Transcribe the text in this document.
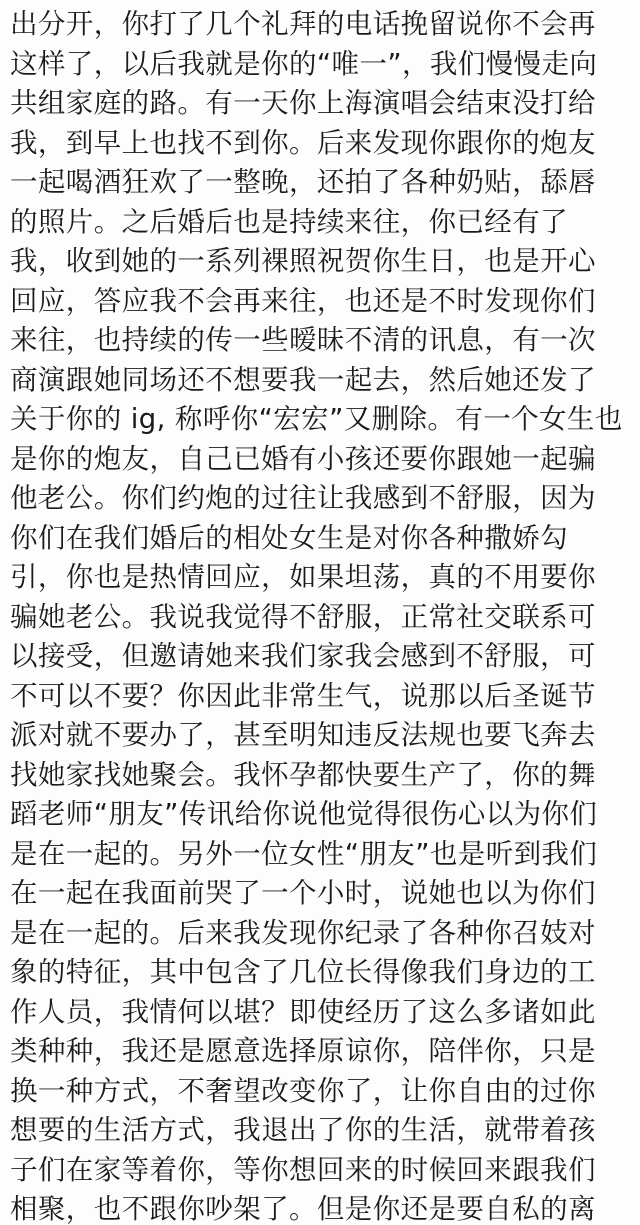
出分开，你打了几个礼拜的电话挽留说你不会再
这样了，以后我就是你的“唯一”，我们慢慢走向
共组家庭的路。有一天你上海演唱会结束没打给
我，到早上也找不到你。后来发现你跟你的炮友
一起喝酒狂欢了一整晚，还拍了各种奶贴，舔唇
的照片。之后婚后也是持续来往，你已经有了
我，收到她的一系列裸照祝贺你生日，也是开心
回应，答应我不会再来往，也还是不时发现你们
来往，也持续的传一些暧昧不清的讯息，有一次
商演跟她同场还不想要我一起去，然后她还发了
关于你的 ig, 称呼你“宏宏”又删除。有一个女生也
是你的炮友，自己已婚有小孩还要你跟她一起骗
他老公。你们约炮的过往让我感到不舒服，因为
你们在我们婚后的相处女生是对你各种撒娇勾
引，你也是热情回应，如果坦荡，真的不用要你
骗她老公。我说我觉得不舒服，正常社交联系可
以接受，但邀请她来我们家我会感到不舒服，可
不可以不要？你因此非常生气，说那以后圣诞节
派对就不要办了，甚至明知违反法规也要飞奔去
找她家找她聚会。我怀孕都快要生产了，你的舞
蹈老师“朋友”传讯给你说他觉得很伤心以为你们
是在一起的。另外一位女性“朋友”也是听到我们
在一起在我面前哭了一个小时，说她也以为你们
是在一起的。后来我发现你纪录了各种你召妓对
象的特征，其中包含了几位长得像我们身边的工
作人员，我情何以堪？即使经历了这么多诸如此
类种种，我还是愿意选择原谅你，陪伴你，只是
换一种方式，不奢望改变你了，让你自由的过你
想要的生活方式，我退出了你的生活，就带着孩
子们在家等着你，等你想回来的时候回来跟我们
相聚，也不跟你吵架了。但是你还是要自私的离
